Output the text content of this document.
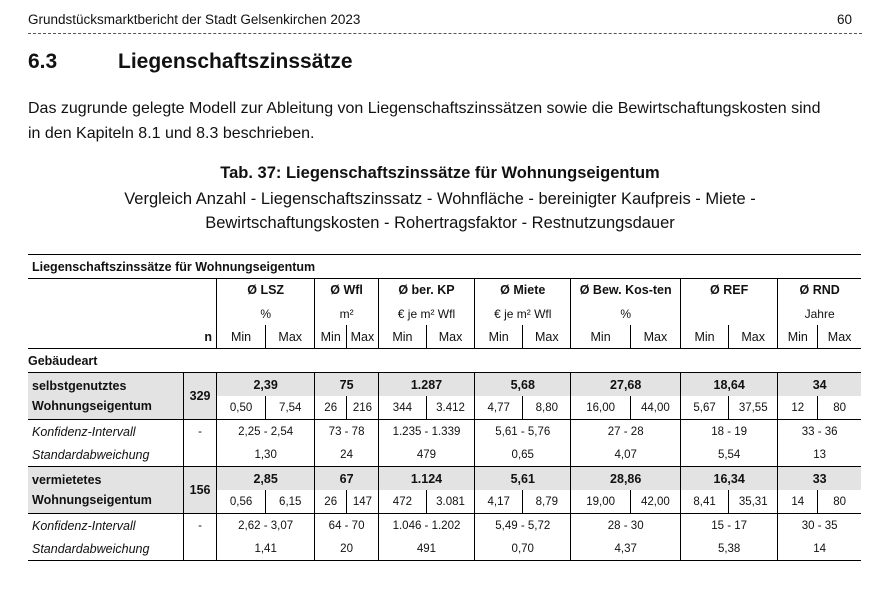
Grundstücksmarktbericht der Stadt Gelsenkirchen 2023	60
6.3	Liegenschaftszinssätze
Das zugrunde gelegte Modell zur Ableitung von Liegenschaftszinssätzen sowie die Bewirtschaftungskosten sind
in den Kapiteln 8.1 und 8.3 beschrieben.
Tab. 37: Liegenschaftszinssätze für Wohnungseigentum
Vergleich Anzahl - Liegenschaftszinssatz - Wohnfläche - bereinigter Kaufpreis - Miete -
Bewirtschaftungskosten - Rohertragsfaktor - Restnutzungsdauer
Liegenschaftszinssätze für Wohnungseigentum															
		Ø LSZ		Ø Wfl		Ø ber. KP		Ø Miete		Ø Bew. Kos-ten		Ø REF		Ø RND	
		%		m²		€ je m² Wfl		€ je m² Wfl		%				Jahre	
	n	Min	Max	Min	Max	Min	Max	Min	Max	Min	Max	Min	Max	Min	Max
Gebäudeart															

selbstgenutztes
Wohnungseigentum	329	2,39		75		1.287		5,68		27,68		18,64		34	
		0,50	7,54	26	216	344	3.412	4,77	8,80	16,00	44,00	5,67	37,55	12	80
Konfidenz-Intervall	-	2,25 - 2,54		73 - 78		1.235 - 1.339		5,61 - 5,76		27 - 28		18 - 19		33 - 36	
Standardabweichung		1,30		24		479		0,65		4,07		5,54		13	

vermietetes
Wohnungseigentum	156	2,85		67		1.124		5,61		28,86		16,34		33	
		0,56	6,15	26	147	472	3.081	4,17	8,79	19,00	42,00	8,41	35,31	14	80
Konfidenz-Intervall	-	2,62 - 3,07		64 - 70		1.046 - 1.202		5,49 - 5,72		28 - 30		15 - 17		30 - 35	
Standardabweichung		1,41		20		491		0,70		4,37		5,38		14	
